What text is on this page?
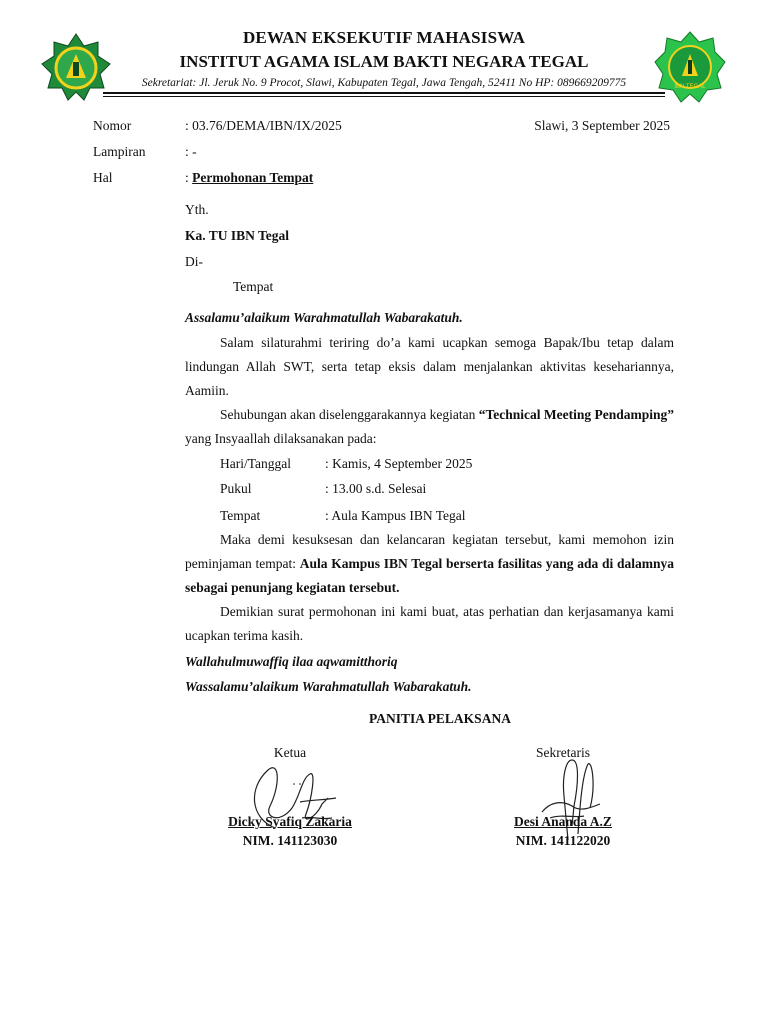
IBN TEGAL
DEWAN EKSEKUTIF MAHASISWA
INSTITUT AGAMA ISLAM BAKTI NEGARA TEGAL
Sekretariat: Jl. Jeruk No. 9 Procot, Slawi, Kabupaten Tegal, Jawa Tengah, 52411 No HP: 089669209775
Nomor	: 03.76/DEMA/IBN/IX/2025	Slawi, 3 September 2025
Lampiran	: -
Hal	: Permohonan Tempat
Yth.
Ka. TU IBN Tegal
Di-
Tempat
Assalamu’alaikum Warahmatullah Wabarakatuh.
Salam silaturahmi teriring do’a kami ucapkan semoga Bapak/Ibu tetap dalam lindungan Allah SWT, serta tetap eksis dalam menjalankan aktivitas kesehariannya, Aamiin.
Sehubungan akan diselenggarakannya kegiatan “Technical Meeting Pendamping” yang Insyaallah dilaksanakan pada:
Hari/Tanggal	: Kamis, 4 September 2025
Pukul	: 13.00 s.d. Selesai
Tempat	: Aula Kampus IBN Tegal
Maka demi kesuksesan dan kelancaran kegiatan tersebut, kami memohon izin peminjaman tempat: Aula Kampus IBN Tegal berserta fasilitas yang ada di dalamnya sebagai penunjang kegiatan tersebut.
Demikian surat permohonan ini kami buat, atas perhatian dan kerjasamanya kami ucapkan terima kasih.
Wallahulmuwaffiq ilaa aqwamitthoriq
Wassalamu’alaikum Warahmatullah Wabarakatuh.
PANITIA PELAKSANA
Ketua	Sekretaris
Dicky Syafiq Zakaria	Desi Ananda A.Z
NIM. 141123030	NIM. 141122020
